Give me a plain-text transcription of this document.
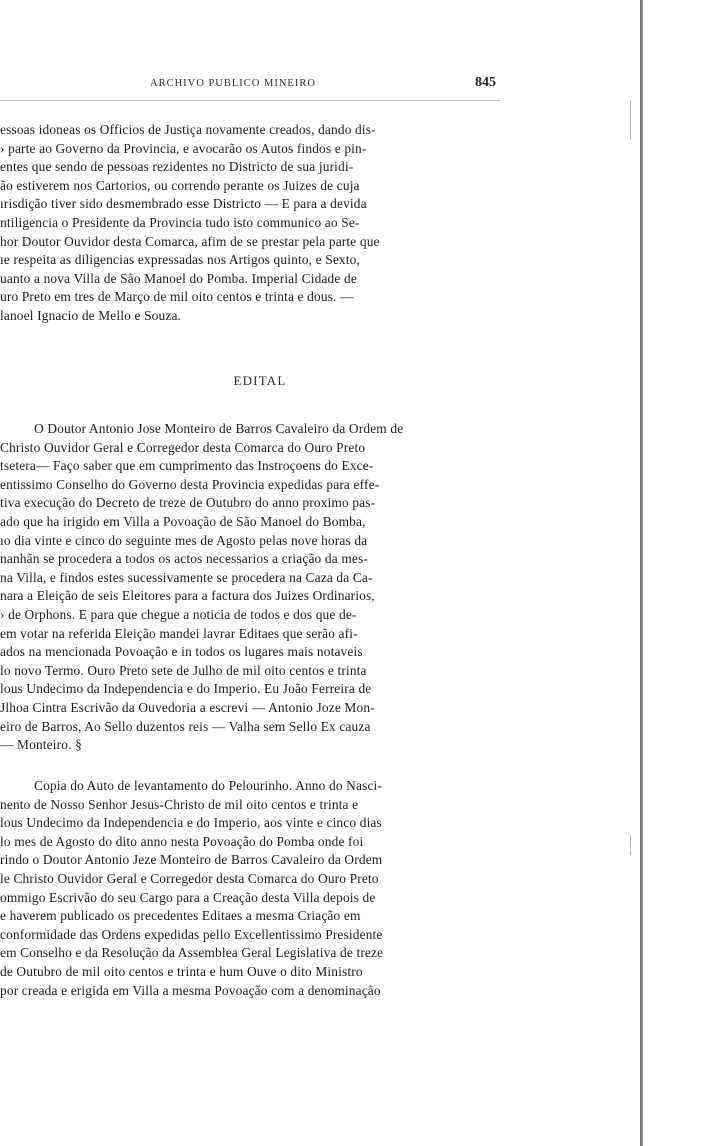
ARCHIVO PUBLICO MINEIRO	845
essoas idoneas os Officios de Justiça novamente creados, dando dis-
› parte ao Governo da Provincia, e avocarão os Autos findos e pin-
entes que sendo de pessoas rezidentes no Districto de sua juridi-
ão estiverem nos Cartorios, ou correndo perante os Juizes de cuja
ırisdição tiver sido desmembrado esse Districto — E para a devida
ntiligencia o Presidente da Provincia tudo isto communico ao Se-
hor Doutor Ouvidor desta Comarca, afim de se prestar pela parte que
ıe respeita as diligencias expressadas nos Artigos quinto, e Sexto,
uanto a nova Villa de São Manoel do Pomba. Imperial Cidade de
uro Preto em tres de Março de mil oito centos e trinta e dous. —
lanoel Ignacio de Mello e Souza.
EDITAL
O Doutor Antonio Jose Monteiro de Barros Cavaleiro da Ordem de
Christo Ouvidor Geral e Corregedor desta Comarca do Ouro Preto
tsetera— Faço saber que em cumprimento das Instroçoens do Exce-
entissimo Conselho do Governo desta Provincia expedidas para effe-
tiva execução do Decreto de treze de Outubro do anno proximo pas-
ado que ha irigido em Villa a Povoação de São Manoel do Bomba,
ıo dia vinte e cinco do seguinte mes de Agosto pelas nove horas da
nanhãn se procedera a todos os actos necessarios a criação da mes-
na Villa, e findos estes sucessivamente se procedera na Caza da Ca-
nara a Eleição de seis Eleitores para a factura dos Juizes Ordinarios,
› de Orphons. E para que chegue a noticia de todos e dos que de-
em votar na referida Eleição mandei lavrar Editaes que serão afi-
ados na mencionada Povoação e in todos os lugares mais notaveis
lo novo Termo. Ouro Preto sete de Julho de mil oito centos e trinta
lous Undecimo da Independencia e do Imperio. Eu João Ferreira de
Jlhoa Cintra Escrivão da Ouvedoria a escrevi — Antonio Joze Mon-
eiro de Barros, Ao Sello duzentos reis — Valha sem Sello Ex cauza
— Monteiro. §
Copia do Auto de levantamento do Pelourinho. Anno do Nasci-
nento de Nosso Senhor Jesus-Christo de mil oito centos e trinta e
lous Undecimo da Independencia e do Imperio, aos vinte e cinco dias
lo mes de Agosto do dito anno nesta Povoação do Pomba onde foi
rindo o Doutor Antonio Jeze Monteiro de Barros Cavaleiro da Ordem
le Christo Ouvidor Geral e Corregedor desta Comarca do Ouro Preto
ommigo Escrivão do seu Cargo para a Creação desta Villa depois de
e haverem publicado os precedentes Editaes a mesma Criação em
conformidade das Ordens expedidas pello Excellentissimo Presidente
em Conselho e da Resolução da Assemblea Geral Legislativa de treze
de Outubro de mil oito centos e trinta e hum Ouve o dito Ministro
por creada e erigida em Villa a mesma Povoação com a denominação
